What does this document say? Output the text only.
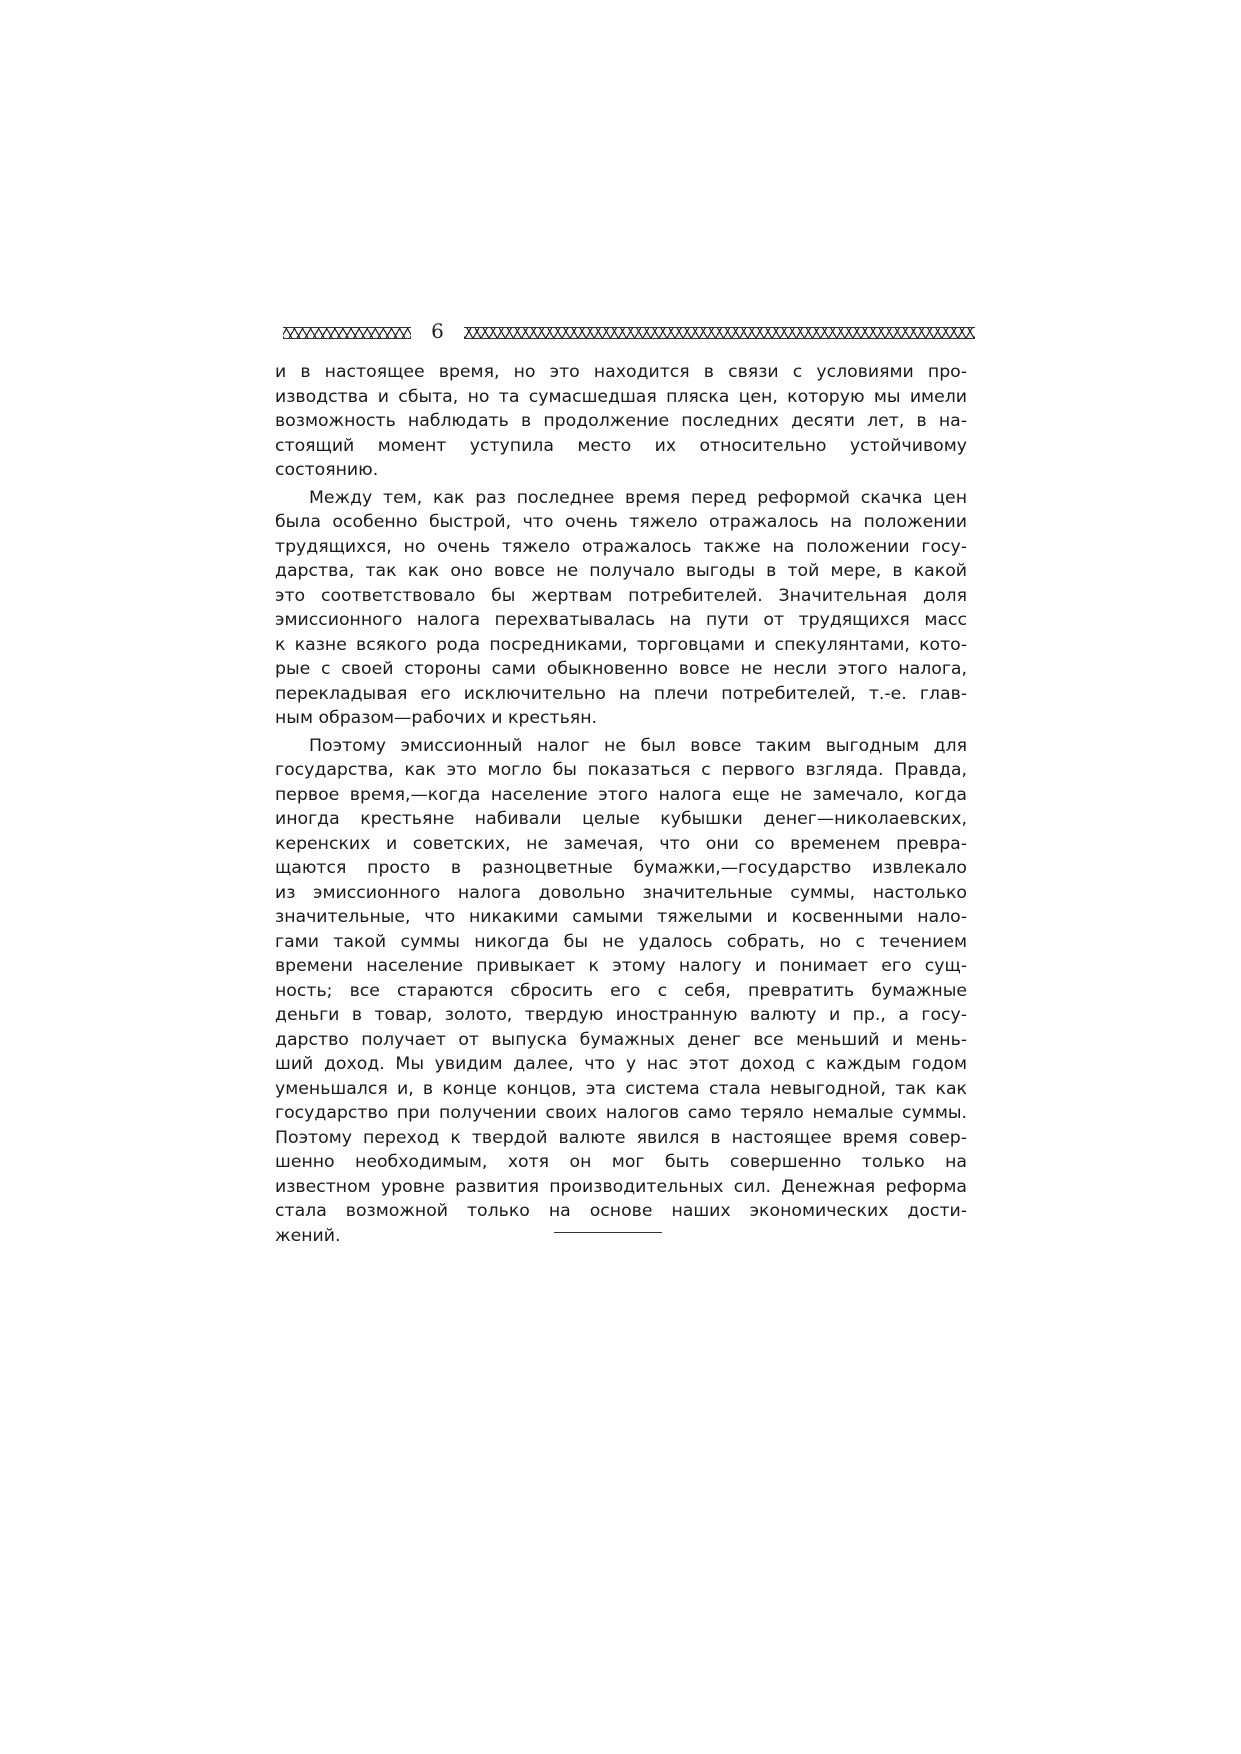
6

и в настоящее время, но это находится в связи с условиями про-
изводства и сбыта, но та сумасшедшая пляска цен, которую мы имели
возможность наблюдать в продолжение последних десяти лет, в на-
стоящий момент уступила место их относительно устойчивому
состоянию.

Между тем, как раз последнее время перед реформой скачка цен
была особенно быстрой, что очень тяжело отражалось на положении
трудящихся, но очень тяжело отражалось также на положении госу-
дарства, так как оно вовсе не получало выгоды в той мере, в какой
это соответствовало бы жертвам потребителей. Значительная доля
эмиссионного налога перехватывалась на пути от трудящихся масс
к казне всякого рода посредниками, торговцами и спекулянтами, кото-
рые с своей стороны сами обыкновенно вовсе не несли этого налога,
перекладывая его исключительно на плечи потребителей, т.-е. глав-
ным образом—рабочих и крестьян.

Поэтому эмиссионный налог не был вовсе таким выгодным для
государства, как это могло бы показаться с первого взгляда. Правда,
первое время,—когда население этого налога еще не замечало, когда
иногда крестьяне набивали целые кубышки денег—николаевских,
керенских и советских, не замечая, что они со временем превра-
щаются просто в разноцветные бумажки,—государство извлекало
из эмиссионного налога довольно значительные суммы, настолько
значительные, что никакими самыми тяжелыми и косвенными нало-
гами такой суммы никогда бы не удалось собрать, но с течением
времени население привыкает к этому налогу и понимает его сущ-
ность; все стараются сбросить его с себя, превратить бумажные
деньги в товар, золото, твердую иностранную валюту и пр., а госу-
дарство получает от выпуска бумажных денег все меньший и мень-
ший доход. Мы увидим далее, что у нас этот доход с каждым годом
уменьшался и, в конце концов, эта система стала невыгодной, так как
государство при получении своих налогов само теряло немалые суммы.
Поэтому переход к твердой валюте явился в настоящее время совер-
шенно необходимым, хотя он мог быть совершенно только на
известном уровне развития производительных сил. Денежная реформа
стала возможной только на основе наших экономических дости-
жений.
